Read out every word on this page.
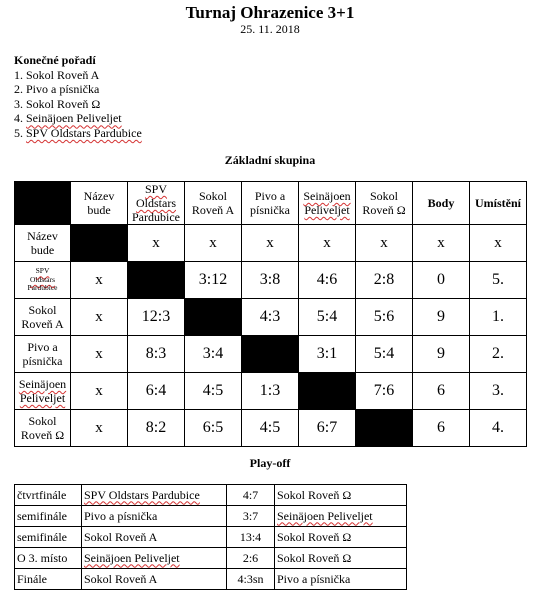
Turnaj Ohrazenice 3+1
25. 11. 2018
Konečné pořadí
1. Sokol Roveň A
2. Pivo a písnička
3. Sokol Roveň Ω
4. Seinäjoen Peliveljet
5. SPV Oldstars Pardubice
Základní skupina
	Název
bude	SPV
Oldstars
Pardubice	Sokol
Roveň A	Pivo a
písnička	Seinäjoen
Peliveljet	Sokol
Roveň Ω	Body	Umístění
Název
bude		x	x	x	x	x	x	x
SPV
Oldstars
Pardubice	x		3:12	3:8	4:6	2:8	0	5.
Sokol
Roveň A	x	12:3		4:3	5:4	5:6	9	1.
Pivo a
písnička	x	8:3	3:4		3:1	5:4	9	2.
Seinäjoen
Peliveljet	x	6:4	4:5	1:3		7:6	6	3.
Sokol
Roveň Ω	x	8:2	6:5	4:5	6:7		6	4.
Play-off
čtvrtfinále	SPV Oldstars Pardubice	4:7	Sokol Roveň Ω
semifinále	Pivo a písnička	3:7	Seinäjoen Peliveljet
semifinále	Sokol Roveň A	13:4	Sokol Roveň Ω
O 3. místo	Seinäjoen Peliveljet	2:6	Sokol Roveň Ω
Finále	Sokol Roveň A	4:3sn	Pivo a písnička
